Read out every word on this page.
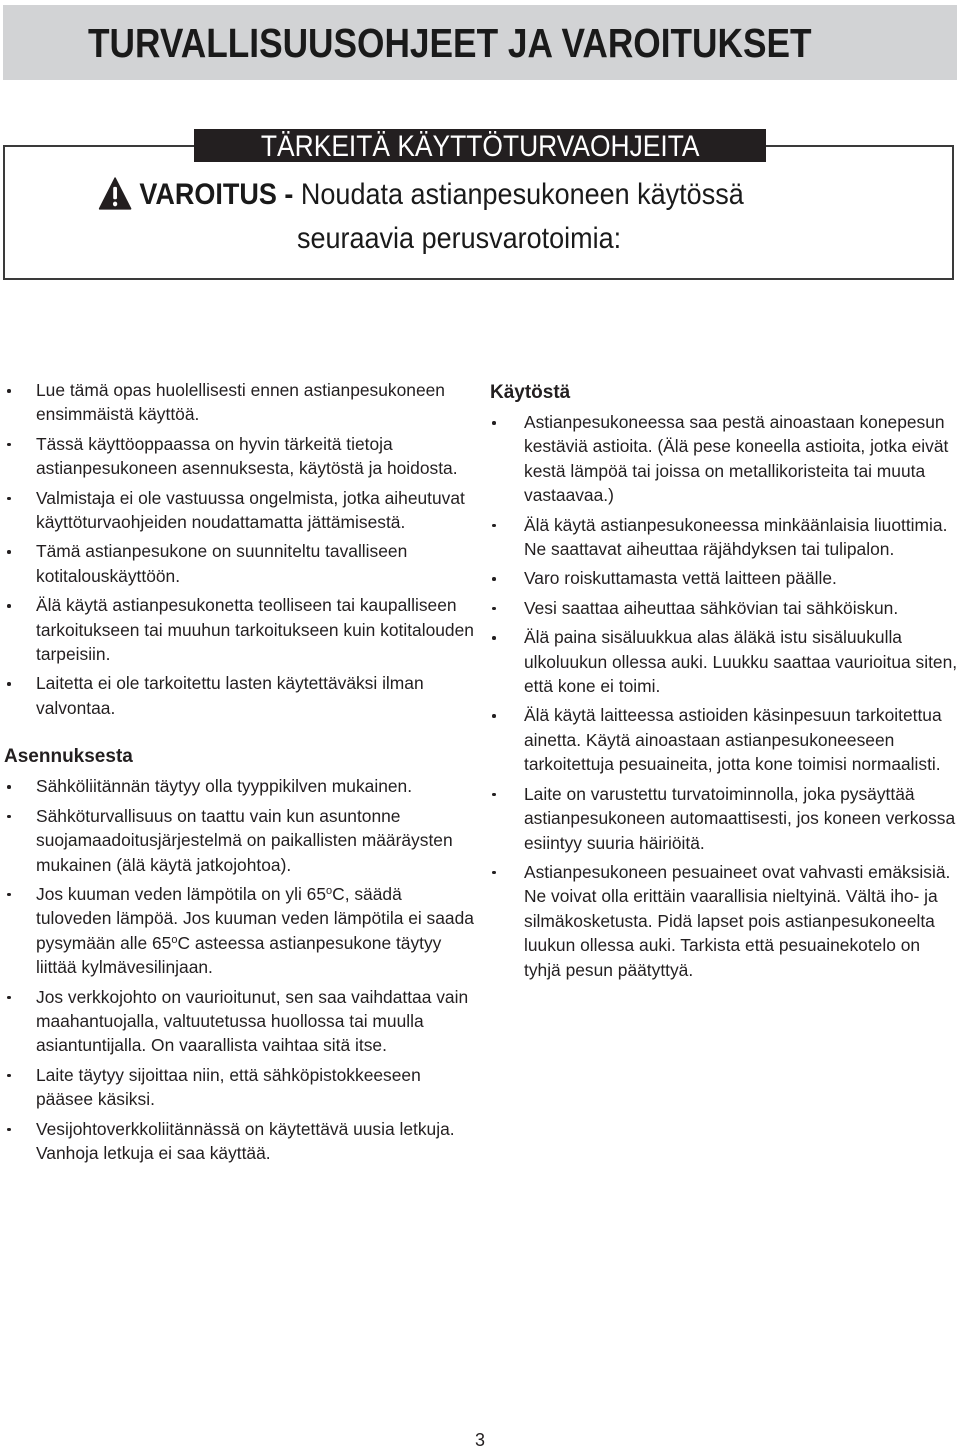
TURVALLISUUSOHJEET JA VAROITUKSET
TÄRKEITÄ KÄYTTÖTURVAOHJEITA
VAROITUS - Noudata astianpesukoneen käytössä
seuraavia perusvarotoimia:
Lue tämä opas huolellisesti ennen astianpesukoneen ensimmäistä käyttöä.
Tässä käyttöoppaassa on hyvin tärkeitä tietoja astianpesukoneen asennuksesta, käytöstä ja hoidosta.
Valmistaja ei ole vastuussa ongelmista, jotka aiheutuvat käyttöturvaohjeiden noudattamatta jättämisestä.
Tämä astianpesukone on suunniteltu tavalliseen kotitalouskäyttöön.
Älä käytä astianpesukonetta teolliseen tai kaupalliseen tarkoitukseen tai muuhun tarkoitukseen kuin kotitalouden tarpeisiin.
Laitetta ei ole tarkoitettu lasten käytettäväksi ilman valvontaa.
Asennuksesta
Sähköliitännän täytyy olla tyyppikilven mukainen.
Sähköturvallisuus on taattu vain kun asuntonne suojamaadoitusjärjestelmä on paikallisten määräysten mukainen (älä käytä jatkojohtoa).
Jos kuuman veden lämpötila on yli 65$^o$C, säädä tuloveden lämpöä. Jos kuuman veden lämpötila ei saada pysymään alle 65$^o$C asteessa astianpesukone täytyy liittää kylmävesilinjaan.
Jos verkkojohto on vaurioitunut, sen saa vaihdattaa vain maahantuojalla, valtuutetussa huollossa tai muulla asiantuntijalla. On vaarallista vaihtaa sitä itse.
Laite täytyy sijoittaa niin, että sähköpistokkeeseen pääsee käsiksi.
Vesijohtoverkkoliitännässä on käytettävä uusia letkuja. Vanhoja letkuja ei saa käyttää.
Käytöstä
Astianpesukoneessa saa pestä ainoastaan konepesun kestäviä astioita. (Älä pese koneella astioita, jotka eivät kestä lämpöä tai joissa on metallikoristeita tai muuta vastaavaa.)
Älä käytä astianpesukoneessa minkäänlaisia liuottimia. Ne saattavat aiheuttaa räjähdyksen tai tulipalon.
Varo roiskuttamasta vettä laitteen päälle.
Vesi saattaa aiheuttaa sähkövian tai sähköiskun.
Älä paina sisäluukkua alas äläkä istu sisäluukulla ulkoluukun ollessa auki. Luukku saattaa vaurioitua siten, että kone ei toimi.
Älä käytä laitteessa astioiden käsinpesuun tarkoitettua ainetta. Käytä ainoastaan astianpesukoneeseen tarkoitettuja pesuaineita, jotta kone toimisi normaalisti.
Laite on varustettu turvatoiminnolla, joka pysäyttää astianpesukoneen automaattisesti, jos koneen verkossa esiintyy suuria häiriöitä.
Astianpesukoneen pesuaineet ovat vahvasti emäksisiä. Ne voivat olla erittäin vaarallisia nieltyinä. Vältä iho- ja silmäkosketusta. Pidä lapset pois astianpesukoneelta luukun ollessa auki. Tarkista että pesuainekotelo on tyhjä pesun päätyttyä.
3
